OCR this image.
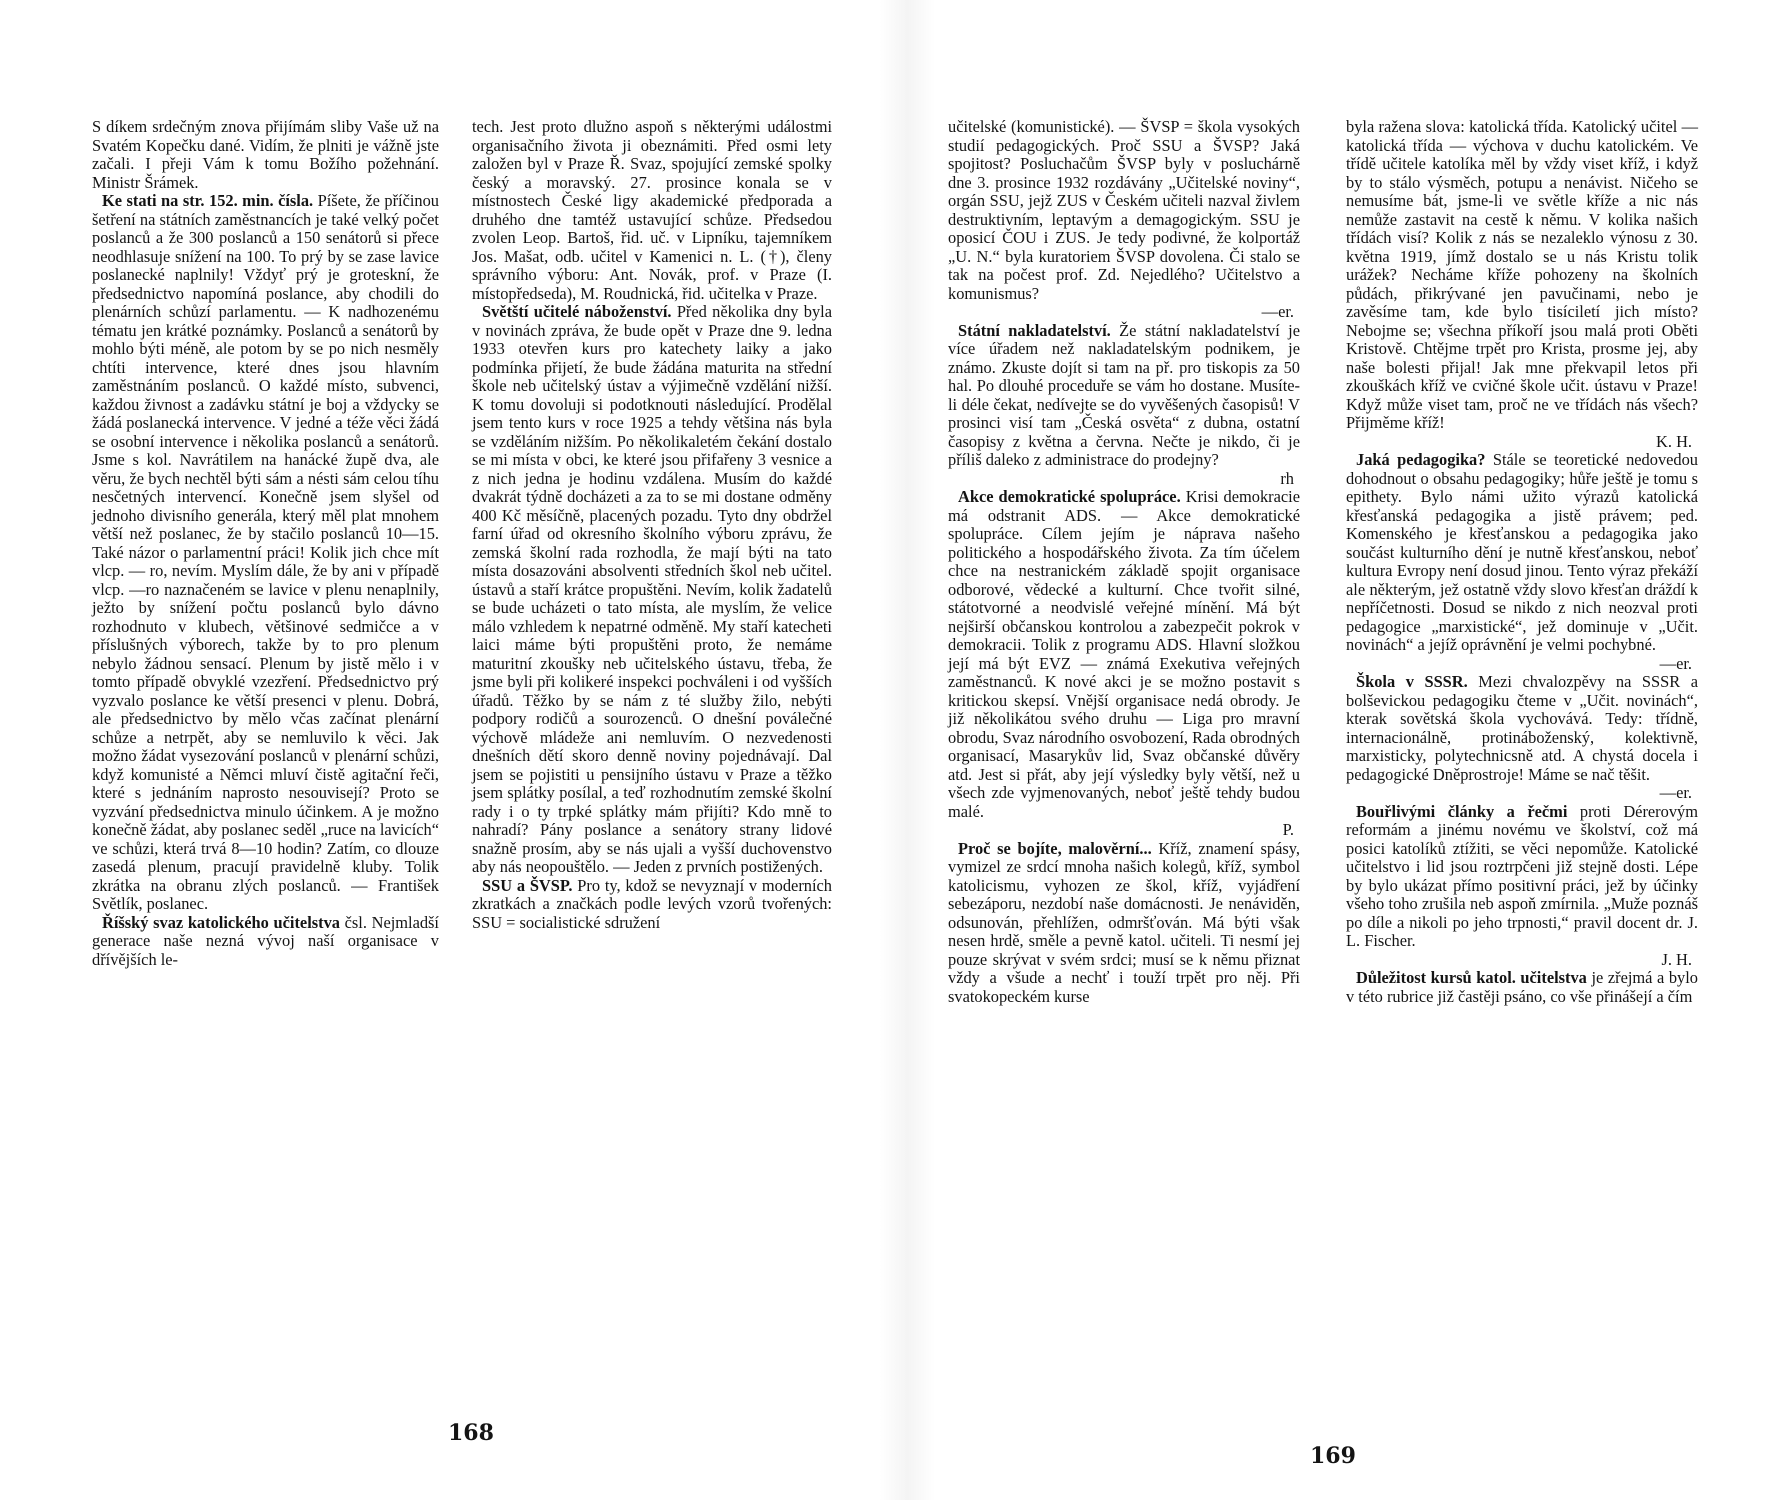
S díkem srdečným znova přijímám sliby Vaše už na Svatém Kopečku dané. Vidím, že plniti je vážně jste začali. I přeji Vám k tomu Božího požehnání. Ministr Šrámek.

Ke stati na str. 152. min. čísla. Píšete, že příčinou šetření na státních zaměstnancích je také velký počet poslanců a že 300 poslanců a 150 senátorů si přece neodhlasuje snížení na 100. To prý by se zase lavice poslanecké naplnily! Vždyť prý je groteskní, že předsednictvo napomíná poslance, aby chodili do plenárních schůzí parlamentu. — K nadhozenému tématu jen krátké poznámky. Poslanců a senátorů by mohlo býti méně, ale potom by se po nich nesměly chtíti intervence, které dnes jsou hlavním zaměstnáním poslanců. O každé místo, subvenci, každou živnost a zadávku státní je boj a vždycky se žádá poslanecká intervence. V jedné a téže věci žádá se osobní intervence i několika poslanců a senátorů. Jsme s kol. Navrátilem na hanácké župě dva, ale věru, že bych nechtěl býti sám a nésti sám celou tíhu nesčetných intervencí. Konečně jsem slyšel od jednoho divisního generála, který měl plat mnohem větší než poslanec, že by stačilo poslanců 10—15. Také názor o parlamentní práci! Kolik jich chce mít vlcp. — ro, nevím. Myslím dále, že by ani v případě vlcp. —ro naznačeném se lavice v plenu nenaplnily, ježto by snížení počtu poslanců bylo dávno rozhodnuto v klubech, většinové sedmičce a v příslušných výborech, takže by to pro plenum nebylo žádnou sensací. Plenum by jistě mělo i v tomto případě obvyklé vzezření. Předsednictvo prý vyzvalo poslance ke větší presenci v plenu. Dobrá, ale předsednictvo by mělo včas začínat plenární schůze a netrpět, aby se nemluvilo k věci. Jak možno žádat vysezování poslanců v plenární schůzi, když komunisté a Němci mluví čistě agitační řeči, které s jednáním naprosto nesouvisejí? Proto se vyzvání předsednictva minulo účinkem. A je možno konečně žádat, aby poslanec seděl „ruce na lavicích“ ve schůzi, která trvá 8—10 hodin? Zatím, co dlouze zasedá plenum, pracují pravidelně kluby. Tolik zkrátka na obranu zlých poslanců. — František Světlík, poslanec.

Říšský svaz katolického učitelstva čsl. Nejmladší generace naše nezná vývoj naší organisace v dřívějších le-

tech. Jest proto dlužno aspoň s některými událostmi organisačního života ji obeznámiti. Před osmi lety založen byl v Praze Ř. Svaz, spojující zemské spolky český a moravský. 27. prosince konala se v místnostech České ligy akademické předporada a druhého dne tamtéž ustavující schůze. Předsedou zvolen Leop. Bartoš, řid. uč. v Lipníku, tajemníkem Jos. Mašat, odb. učitel v Kamenici n. L. (†), členy správního výboru: Ant. Novák, prof. v Praze (I. místopředseda), M. Roudnická, řid. učitelka v Praze.

Světští učitelé náboženství. Před několika dny byla v novinách zpráva, že bude opět v Praze dne 9. ledna 1933 otevřen kurs pro katechety laiky a jako podmínka přijetí, že bude žádána maturita na střední škole neb učitelský ústav a výjimečně vzdělání nižší. K tomu dovoluji si podotknouti následující. Prodělal jsem tento kurs v roce 1925 a tehdy většina nás byla se vzděláním nižším. Po několikaletém čekání dostalo se mi místa v obci, ke které jsou přifařeny 3 vesnice a z nich jedna je hodinu vzdálena. Musím do každé dvakrát týdně docházeti a za to se mi dostane odměny 400 Kč měsíčně, placených pozadu. Tyto dny obdržel farní úřad od okresního školního výboru zprávu, že zemská školní rada rozhodla, že mají býti na tato místa dosazováni absolventi středních škol neb učitel. ústavů a staří krátce propuštěni. Nevím, kolik žadatelů se bude ucházeti o tato místa, ale myslím, že velice málo vzhledem k nepatrné odměně. My staří katecheti laici máme býti propuštěni proto, že nemáme maturitní zkoušky neb učitelského ústavu, třeba, že jsme byli při kolikeré inspekci pochváleni i od vyšších úřadů. Těžko by se nám z té služby žilo, nebýti podpory rodičů a sourozenců. O dnešní poválečné výchově mládeže ani nemluvím. O nezvedenosti dnešních dětí skoro denně noviny pojednávají. Dal jsem se pojistiti u pensijního ústavu v Praze a těžko jsem splátky posílal, a teď rozhodnutím zemské školní rady i o ty trpké splátky mám přijíti? Kdo mně to nahradí? Pány poslance a senátory strany lidové snažně prosím, aby se nás ujali a vyšší duchovenstvo aby nás neopouštělo. — Jeden z prvních postižených.

SSU a ŠVSP. Pro ty, kdož se nevyznají v moderních zkratkách a značkách podle levých vzorů tvořených: SSU = socialistické sdružení

168

učitelské (komunistické). — ŠVSP = škola vysokých studií pedagogických. Proč SSU a ŠVSP? Jaká spojitost? Posluchačům ŠVSP byly v posluchárně dne 3. prosince 1932 rozdávány „Učitelské noviny“, orgán SSU, jejž ZUS v Českém učiteli nazval živlem destruktivním, leptavým a demagogickým. SSU je oposicí ČOU i ZUS. Je tedy podivné, že kolportáž „U. N.“ byla kuratoriem ŠVSP dovolena. Či stalo se tak na počest prof. Zd. Nejedlého? Učitelstvo a komunismus?

—er.

Státní nakladatelství. Že státní nakladatelství je více úřadem než nakladatelským podnikem, je známo. Zkuste dojít si tam na př. pro tiskopis za 50 hal. Po dlouhé proceduře se vám ho dostane. Musíte-li déle čekat, nedívejte se do vyvěšených časopisů! V prosinci visí tam „Česká osvěta“ z dubna, ostatní časopisy z května a června. Nečte je nikdo, či je příliš daleko z administrace do prodejny?

rh

Akce demokratické spolupráce. Krisi demokracie má odstranit ADS. — Akce demokratické spolupráce. Cílem jejím je náprava našeho politického a hospodářského života. Za tím účelem chce na nestranickém základě spojit organisace odborové, vědecké a kulturní. Chce tvořit silné, státotvorné a neodvislé veřejné mínění. Má být nejširší občanskou kontrolou a zabezpečit pokrok v demokracii. Tolik z programu ADS. Hlavní složkou její má být EVZ — známá Exekutiva veřejných zaměstnanců. K nové akci je se možno postavit s kritickou skepsí. Vnější organisace nedá obrody. Je již několikátou svého druhu — Liga pro mravní obrodu, Svaz národního osvobození, Rada obrodných organisací, Masarykův lid, Svaz občanské důvěry atd. Jest si přát, aby její výsledky byly větší, než u všech zde vyjmenovaných, neboť ještě tehdy budou malé.

P.

Proč se bojíte, malověrní... Kříž, znamení spásy, vymizel ze srdcí mnoha našich kolegů, kříž, symbol katolicismu, vyhozen ze škol, kříž, vyjádření sebezáporu, nezdobí naše domácnosti. Je nenáviděn, odsunován, přehlížen, odmršťován. Má býti však nesen hrdě, směle a pevně katol. učiteli. Ti nesmí jej pouze skrývat v svém srdci; musí se k němu přiznat vždy a všude a nechť i touží trpět pro něj. Při svatokopeckém kurse

byla ražena slova: katolická třída. Katolický učitel — katolická třída — výchova v duchu katolickém. Ve třídě učitele katolíka měl by vždy viset kříž, i když by to stálo výsměch, potupu a nenávist. Ničeho se nemusíme bát, jsme-li ve světle kříže a nic nás nemůže zastavit na cestě k němu. V kolika našich třídách visí? Kolik z nás se nezaleklo výnosu z 30. května 1919, jímž dostalo se u nás Kristu tolik urážek? Necháme kříže pohozeny na školních půdách, přikrývané jen pavučinami, nebo je zavěsíme tam, kde bylo tisíciletí jich místo? Nebojme se; všechna příkoří jsou malá proti Oběti Kristově. Chtějme trpět pro Krista, prosme jej, aby naše bolesti přijal! Jak mne překvapil letos při zkouškách kříž ve cvičné škole učit. ústavu v Praze! Když může viset tam, proč ne ve třídách nás všech? Přijměme kříž!

K. H.

Jaká pedagogika? Stále se teoretické nedovedou dohodnout o obsahu pedagogiky; hůře ještě je tomu s epithety. Bylo námi užito výrazů katolická křesťanská pedagogika a jistě právem; ped. Komenského je křesťanskou a pedagogika jako součást kulturního dění je nutně křesťanskou, neboť kultura Evropy není dosud jinou. Tento výraz překáží ale některým, jež ostatně vždy slovo křesťan dráždí k nepříčetnosti. Dosud se nikdo z nich neozval proti pedagogice „marxistické“, jež dominuje v „Učit. novinách“ a jejíž oprávnění je velmi pochybné.

—er.

Škola v SSSR. Mezi chvalozpěvy na SSSR a bolševickou pedagogiku čteme v „Učit. novinách“, kterak sovětská škola vychovává. Tedy: třídně, internacionálně, protináboženský, kolektivně, marxisticky, polytechnicsně atd. A chystá docela i pedagogické Dněprostroje! Máme se nač těšit.

—er.

Bouřlivými články a řečmi proti Dérerovým reformám a jinému novému ve školství, což má posici katolíků ztížiti, se věci nepomůže. Katolické učitelstvo i lid jsou roztrpčeni již stejně dosti. Lépe by bylo ukázat přímo positivní práci, jež by účinky všeho toho zrušila neb aspoň zmírnila. „Muže poznáš po díle a nikoli po jeho trpnosti,“ pravil docent dr. J. L. Fischer.

J. H.

Důležitost kursů katol. učitelstva je zřejmá a bylo v této rubrice již častěji psáno, co vše přinášejí a čím

169
